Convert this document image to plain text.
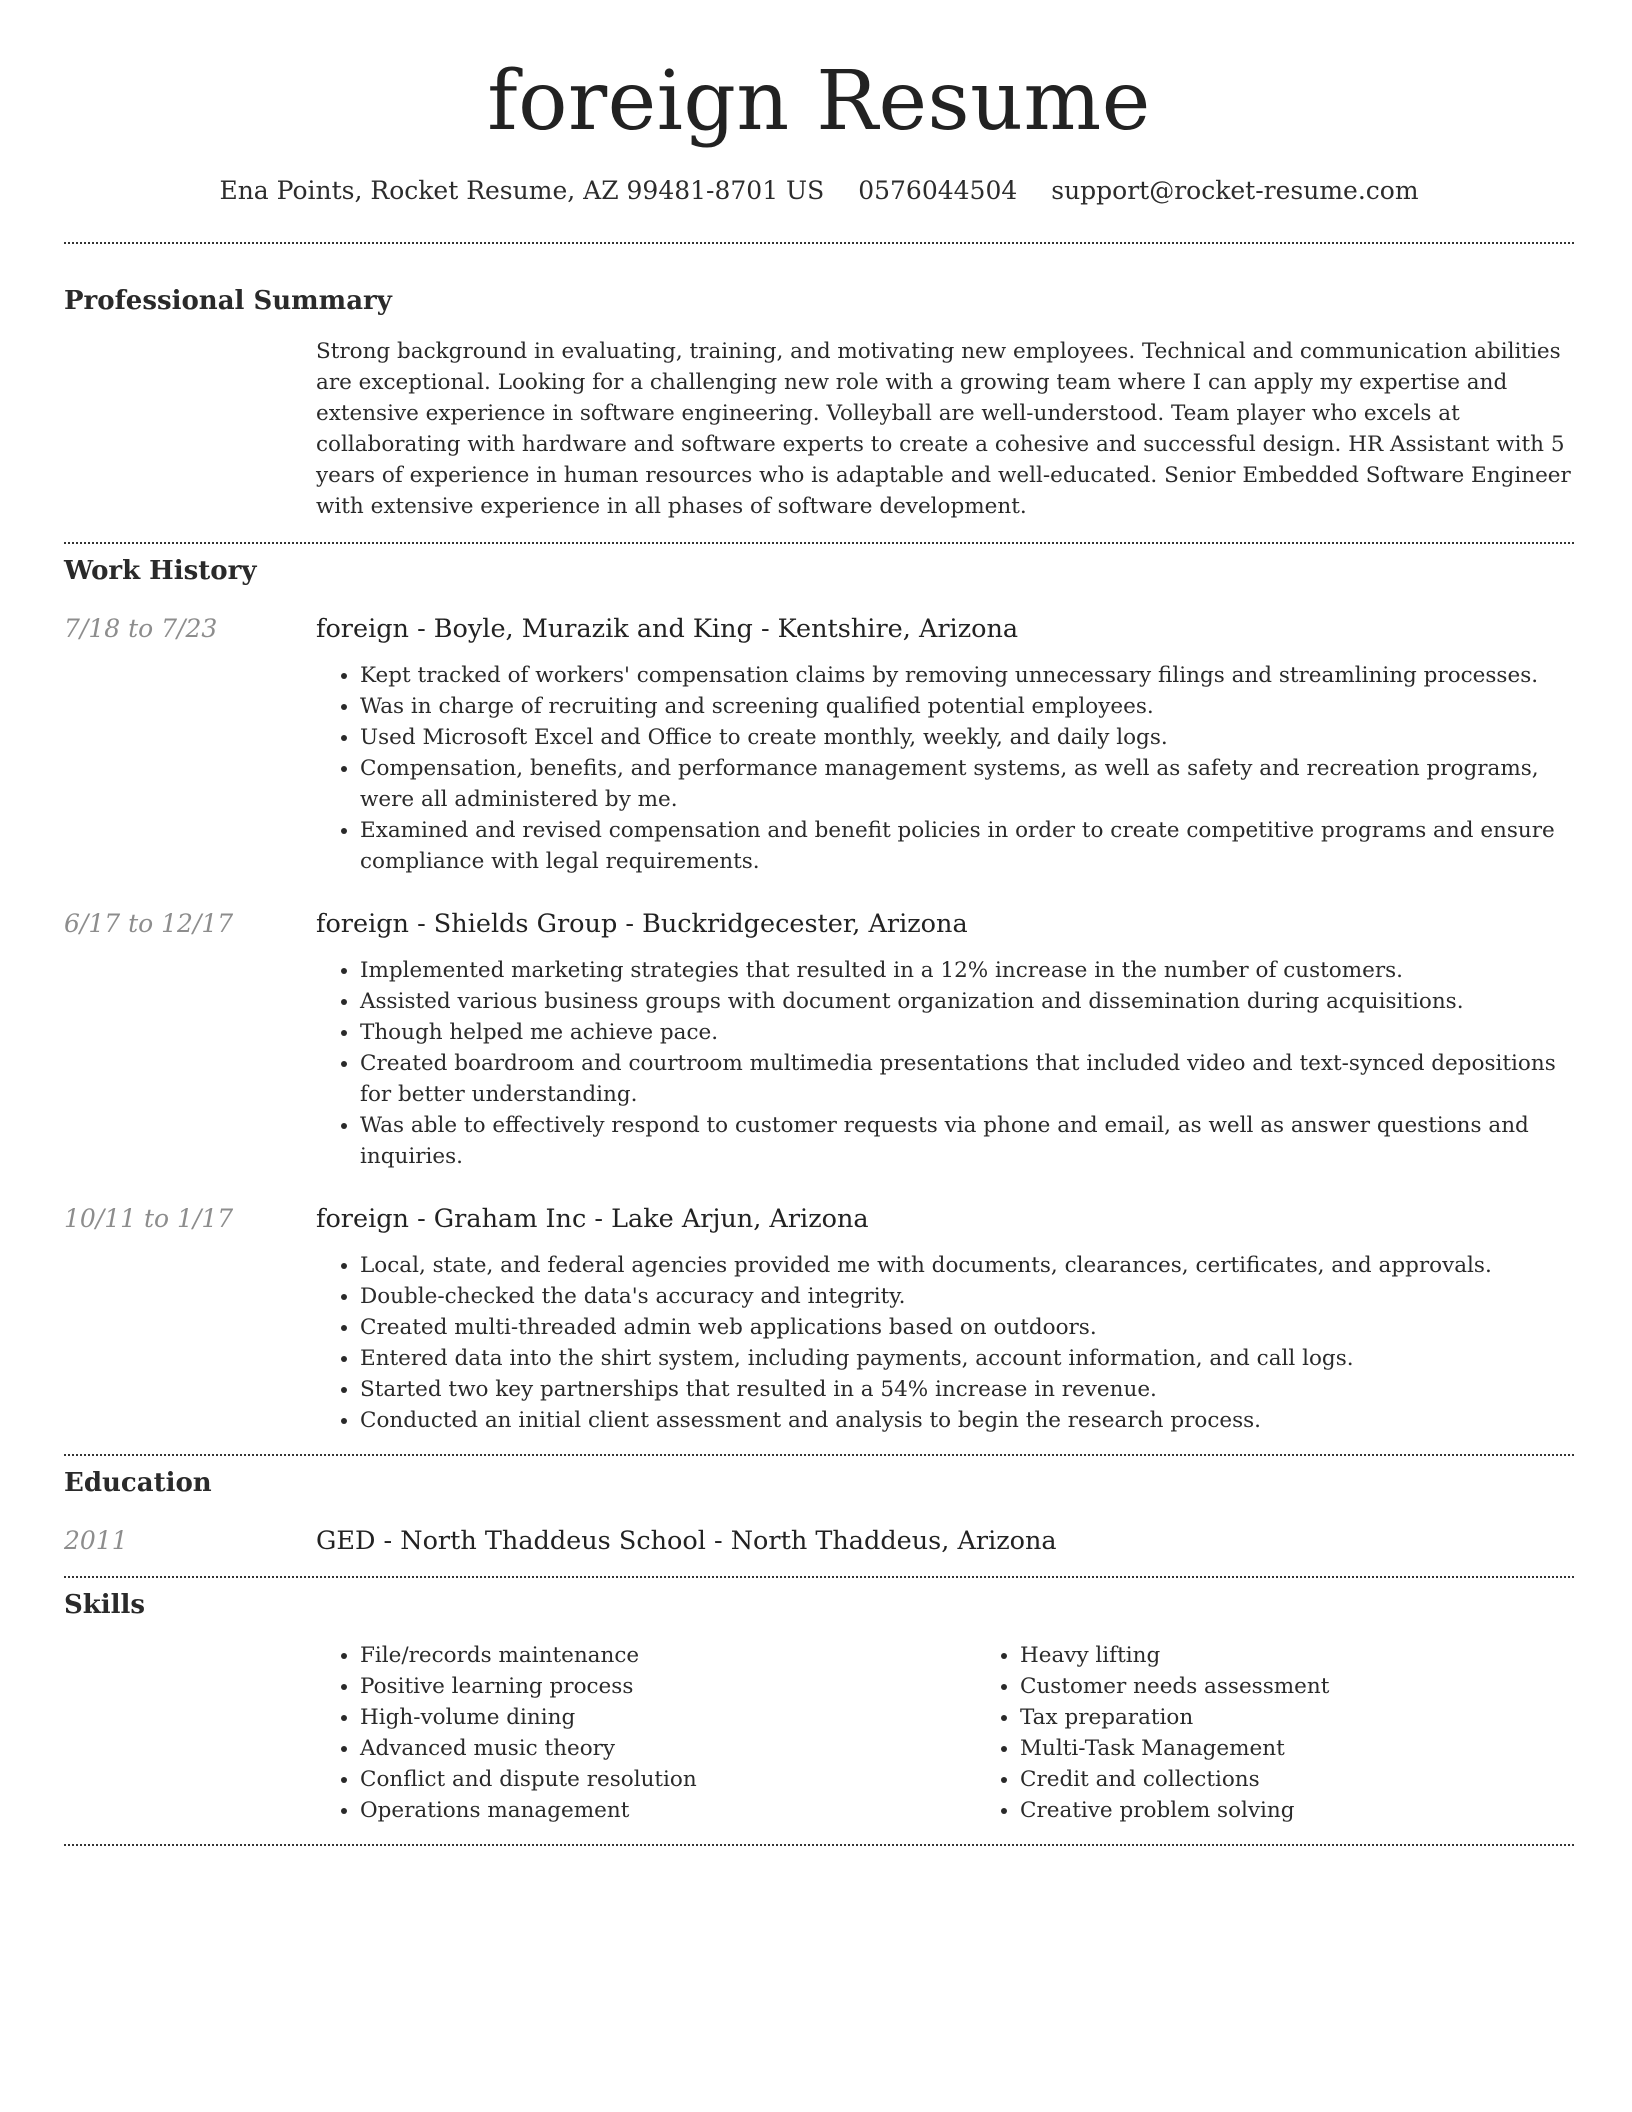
foreign Resume
Ena Points, Rocket Resume, AZ 99481-8701 US 0576044504 support@rocket-resume.com
Professional Summary

Strong background in evaluating, training, and motivating new employees. Technical and communication abilities are exceptional. Looking for a challenging new role with a growing team where I can apply my expertise and extensive experience in software engineering. Volleyball are well-understood. Team player who excels at collaborating with hardware and software experts to create a cohesive and successful design. HR Assistant with 5 years of experience in human resources who is adaptable and well-educated. Senior Embedded Software Engineer with extensive experience in all phases of software development.

Work History
7/18 to 7/23	foreign - Boyle, Murazik and King - Kentshire, Arizona
• Kept tracked of workers' compensation claims by removing unnecessary filings and streamlining processes.
• Was in charge of recruiting and screening qualified potential employees.
• Used Microsoft Excel and Office to create monthly, weekly, and daily logs.
• Compensation, benefits, and performance management systems, as well as safety and recreation programs, were all administered by me.
• Examined and revised compensation and benefit policies in order to create competitive programs and ensure compliance with legal requirements.
6/17 to 12/17	foreign - Shields Group - Buckridgecester, Arizona
• Implemented marketing strategies that resulted in a 12% increase in the number of customers.
• Assisted various business groups with document organization and dissemination during acquisitions.
• Though helped me achieve pace.
• Created boardroom and courtroom multimedia presentations that included video and text-synced depositions for better understanding.
• Was able to effectively respond to customer requests via phone and email, as well as answer questions and inquiries.
10/11 to 1/17	foreign - Graham Inc - Lake Arjun, Arizona
• Local, state, and federal agencies provided me with documents, clearances, certificates, and approvals.
• Double-checked the data's accuracy and integrity.
• Created multi-threaded admin web applications based on outdoors.
• Entered data into the shirt system, including payments, account information, and call logs.
• Started two key partnerships that resulted in a 54% increase in revenue.
• Conducted an initial client assessment and analysis to begin the research process.
Education
2011	GED - North Thaddeus School - North Thaddeus, Arizona
Skills
• File/records maintenance
• Positive learning process
• High-volume dining
• Advanced music theory
• Conflict and dispute resolution
• Operations management
• Heavy lifting
• Customer needs assessment
• Tax preparation
• Multi-Task Management
• Credit and collections
• Creative problem solving
